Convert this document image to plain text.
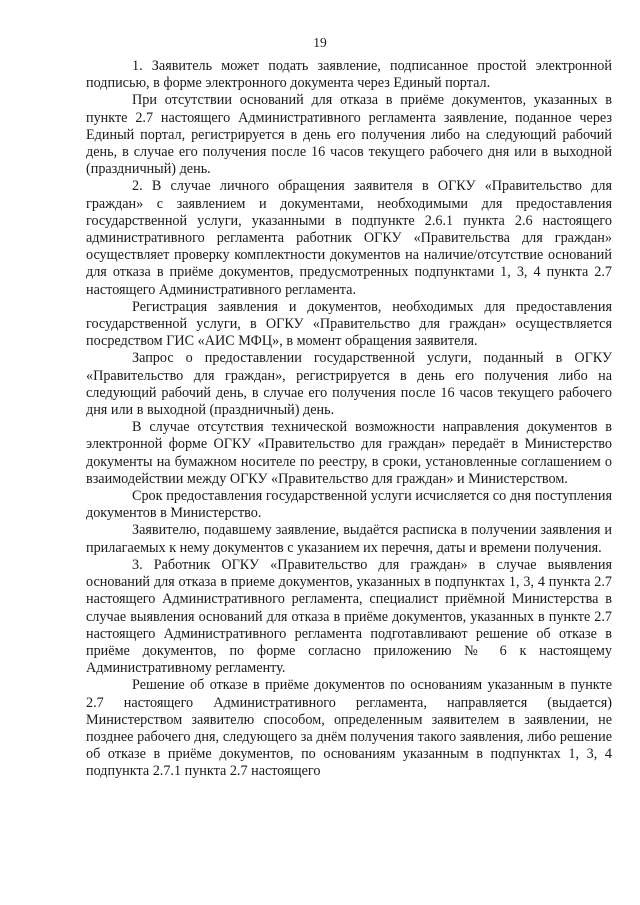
19

1. Заявитель может подать заявление, подписанное простой электронной подписью, в форме электронного документа через Единый портал.

При отсутствии оснований для отказа в приёме документов, указанных в пункте 2.7 настоящего Административного регламента заявление, поданное через Единый портал, регистрируется в день его получения либо на следующий рабочий день, в случае его получения после 16 часов текущего рабочего дня или в выходной (праздничный) день.

2. В случае личного обращения заявителя в ОГКУ «Правительство для граждан» с заявлением и документами, необходимыми для предоставления государственной услуги, указанными в подпункте 2.6.1 пункта 2.6 настоящего административного регламента работник ОГКУ «Правительства для граждан» осуществляет проверку комплектности документов на наличие/отсутствие оснований для отказа в приёме документов, предусмотренных подпунктами 1, 3, 4 пункта 2.7 настоящего Административного регламента.

Регистрация заявления и документов, необходимых для предоставления государственной услуги, в ОГКУ «Правительство для граждан» осуществляется посредством ГИС «АИС МФЦ», в момент обращения заявителя.

Запрос о предоставлении государственной услуги, поданный в ОГКУ «Правительство для граждан», регистрируется в день его получения либо на следующий рабочий день, в случае его получения после 16 часов текущего рабочего дня или в выходной (праздничный) день.

В случае отсутствия технической возможности направления документов в электронной форме ОГКУ «Правительство для граждан» передаёт в Министерство документы на бумажном носителе по реестру, в сроки, установленные соглашением о взаимодействии между ОГКУ «Правительство для граждан» и Министерством.

Срок предоставления государственной услуги исчисляется со дня поступления документов в Министерство.

Заявителю, подавшему заявление, выдаётся расписка в получении заявления и прилагаемых к нему документов с указанием их перечня, даты и времени получения.

3. Работник ОГКУ «Правительство для граждан» в случае выявления оснований для отказа в приеме документов, указанных в подпунктах 1, 3, 4 пункта 2.7 настоящего Административного регламента, специалист приёмной Министерства в случае выявления оснований для отказа в приёме документов, указанных в пункте 2.7 настоящего Административного регламента подготавливают решение об отказе в приёме документов, по форме согласно приложению № 6 к настоящему Административному регламенту.

Решение об отказе в приёме документов по основаниям указанным в пункте 2.7 настоящего Административного регламента, направляется (выдается) Министерством заявителю способом, определенным заявителем в заявлении, не позднее рабочего дня, следующего за днём получения такого заявления, либо решение об отказе в приёме документов, по основаниям указанным в подпунктах 1, 3, 4 подпункта 2.7.1 пункта 2.7 настоящего
